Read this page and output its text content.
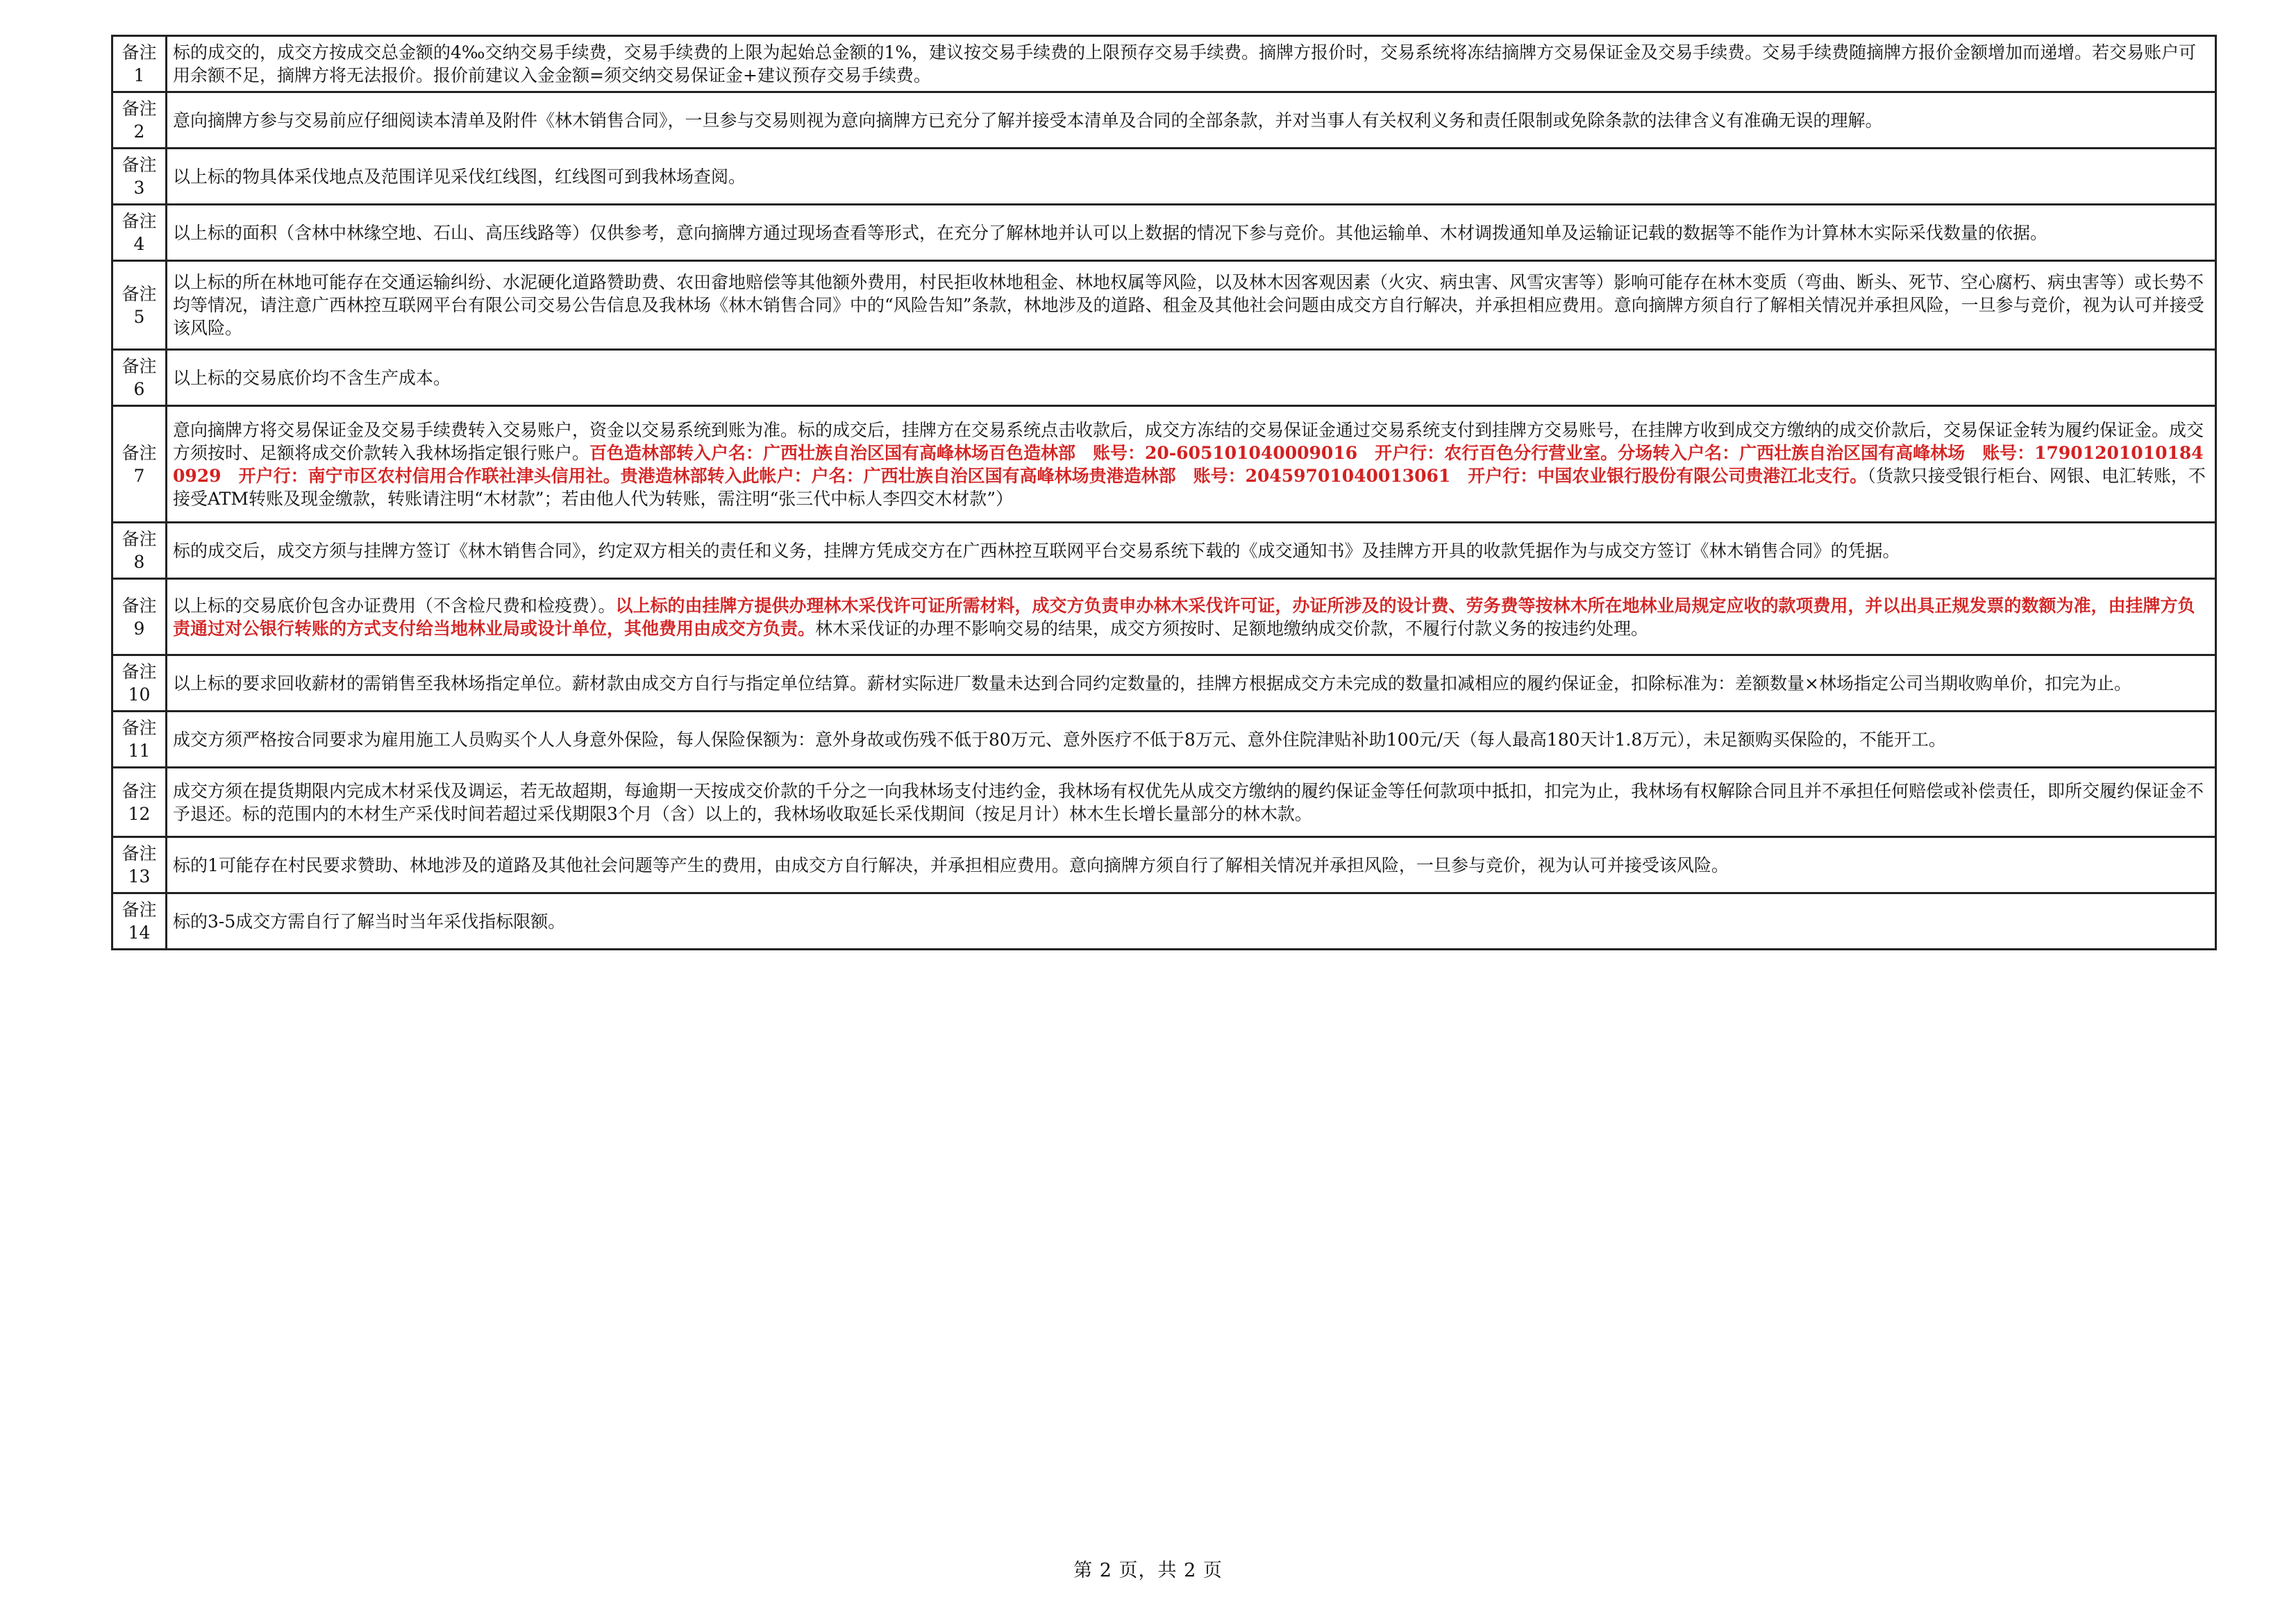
备注1	标的成交的，成交方按成交总金额的4‰交纳交易手续费，交易手续费的上限为起始总金额的1%，建议按交易手续费的上限预存交易手续费。摘牌方报价时，交易系统将冻结摘牌方交易保证金及交易手续费。交易手续费随摘牌方报价金额增加而递增。若交易账户可用余额不足，摘牌方将无法报价。报价前建议入金金额=须交纳交易保证金+建议预存交易手续费。
备注2	意向摘牌方参与交易前应仔细阅读本清单及附件《林木销售合同》，一旦参与交易则视为意向摘牌方已充分了解并接受本清单及合同的全部条款，并对当事人有关权利义务和责任限制或免除条款的法律含义有准确无误的理解。
备注3	以上标的物具体采伐地点及范围详见采伐红线图，红线图可到我林场查阅。
备注4	以上标的面积（含林中林缘空地、石山、高压线路等）仅供参考，意向摘牌方通过现场查看等形式，在充分了解林地并认可以上数据的情况下参与竞价。其他运输单、木材调拨通知单及运输证记载的数据等不能作为计算林木实际采伐数量的依据。
备注5	以上标的所在林地可能存在交通运输纠纷、水泥硬化道路赞助费、农田畲地赔偿等其他额外费用，村民拒收林地租金、林地权属等风险，以及林木因客观因素（火灾、病虫害、风雪灾害等）影响可能存在林木变质（弯曲、断头、死节、空心腐朽、病虫害等）或长势不均等情况，请注意广西林控互联网平台有限公司交易公告信息及我林场《林木销售合同》中的“风险告知”条款，林地涉及的道路、租金及其他社会问题由成交方自行解决，并承担相应费用。意向摘牌方须自行了解相关情况并承担风险，一旦参与竞价，视为认可并接受该风险。
备注6	以上标的交易底价均不含生产成本。
备注7	意向摘牌方将交易保证金及交易手续费转入交易账户，资金以交易系统到账为准。标的成交后，挂牌方在交易系统点击收款后，成交方冻结的交易保证金通过交易系统支付到挂牌方交易账号，在挂牌方收到成交方缴纳的成交价款后，交易保证金转为履约保证金。成交方须按时、足额将成交价款转入我林场指定银行账户。百色造林部转入户名：广西壮族自治区国有高峰林场百色造林部　账号：20-605101040009016　开户行：农行百色分行营业室。分场转入户名：广西壮族自治区国有高峰林场　账号：17901201010184092​9　开户行：南宁市区农村信用合作联社津头信用社。贵港造林部转入此帐户：户名：广西壮族自治区国有高峰林场贵港造林部　账号：20459701040013061　开户行：中国农业银行股份有限公司贵港江北支行。（货款只接受银行柜台、网银、电汇转账，不接受ATM转账及现金缴款，转账请注明“木材款”；若由他人代为转账，需注明“张三代中标人李四交木材款”）
备注8	标的成交后，成交方须与挂牌方签订《林木销售合同》，约定双方相关的责任和义务，挂牌方凭成交方在广西林控互联网平台交易系统下载的《成交通知书》及挂牌方开具的收款凭据作为与成交方签订《林木销售合同》的凭据。
备注9	以上标的交易底价包含办证费用（不含检尺费和检疫费）。以上标的由挂牌方提供办理林木采伐许可证所需材料，成交方负责申办林木采伐许可证，办证所涉及的设计费、劳务费等按林木所在地林业局规定应收的款项费用，并以出具正规发票的数额为准，由挂牌方负责通过对公银行转账的方式支付给当地林业局或设计单位，其他费用由成交方负责。林木采伐证的办理不影响交易的结果，成交方须按时、足额地缴纳成交价款，不履行付款义务的按违约处理。
备注10	以上标的要求回收薪材的需销售至我林场指定单位。薪材款由成交方自行与指定单位结算。薪材实际进厂数量未达到合同约定数量的，挂牌方根据成交方未完成的数量扣减相应的履约保证金，扣除标准为：差额数量×林场指定公司当期收购单价，扣完为止。
备注11	成交方须严格按合同要求为雇用施工人员购买个人人身意外保险，每人保险保额为：意外身故或伤残不低于80万元、意外医疗不低于8万元、意外住院津贴补助100元/天（每人最高180天计1.8万元），未足额购买保险的，不能开工。
备注12	成交方须在提货期限内完成木材采伐及调运，若无故超期，每逾期一天按成交价款的千分之一向我林场支付违约金，我林场有权优先从成交方缴纳的履约保证金等任何款项中抵扣，扣完为止，我林场有权解除合同且并不承担任何赔偿或补偿责任，即所交履约保证金不予退还。标的范围内的木材生产采伐时间若超过采伐期限3个月（含）以上的，我林场收取延长采伐期间（按足月计）林木生长增长量部分的林木款。
备注13	标的1可能存在村民要求赞助、林地涉及的道路及其他社会问题等产生的费用，由成交方自行解决，并承担相应费用。意向摘牌方须自行了解相关情况并承担风险，一旦参与竞价，视为认可并接受该风险。
备注14	标的3-5成交方需自行了解当时当年采伐指标限额。
第 2 页，共 2 页
